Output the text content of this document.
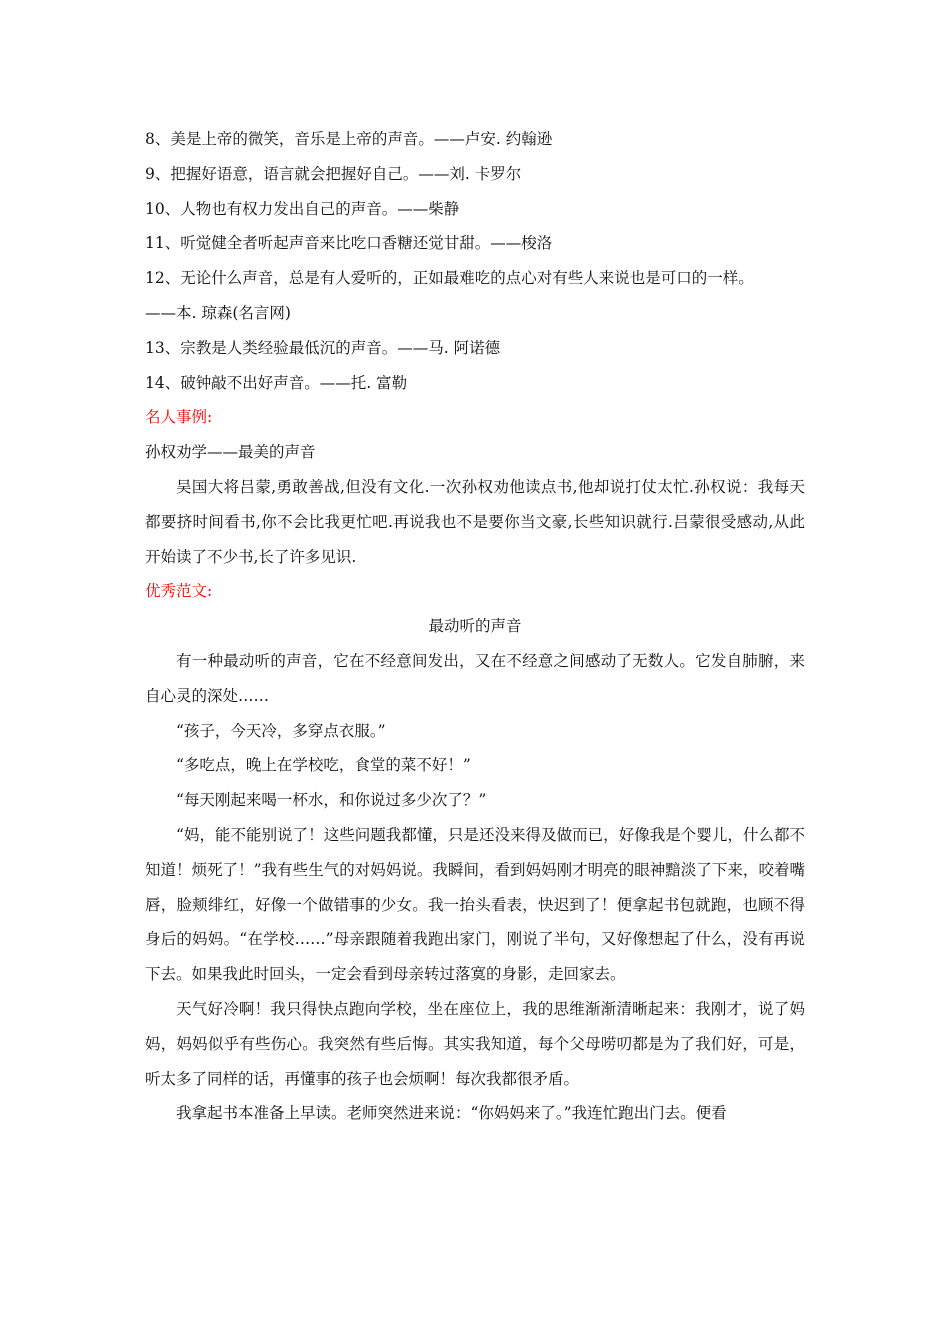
8、美是上帝的微笑，音乐是上帝的声音。——卢安. 约翰逊
9、把握好语意，语言就会把握好自己。——刘. 卡罗尔
10、人物也有权力发出自己的声音。——柴静
11、听觉健全者听起声音来比吃口香糖还觉甘甜。——梭洛
12、无论什么声音，总是有人爱听的，正如最难吃的点心对有些人来说也是可口的一样。
——本. 琼森(名言网)
13、宗教是人类经验最低沉的声音。——马. 阿诺德
14、破钟敲不出好声音。——托. 富勒
名人事例:
孙权劝学——最美的声音

吴国大将吕蒙,勇敢善战,但没有文化.一次孙权劝他读点书,他却说打仗太忙.孙权说：我每天都要挤时间看书,你不会比我更忙吧.再说我也不是要你当文豪,长些知识就行.吕蒙很受感动,从此开始读了不少书,长了许多见识.

优秀范文:
最动听的声音

有一种最动听的声音，它在不经意间发出，又在不经意之间感动了无数人。它发自肺腑，来自心灵的深处……

“孩子，今天冷，多穿点衣服。”

“多吃点，晚上在学校吃，食堂的菜不好！”

“每天刚起来喝一杯水，和你说过多少次了？”

“妈，能不能别说了！这些问题我都懂，只是还没来得及做而已，好像我是个婴儿，什么都不知道！烦死了！”我有些生气的对妈妈说。我瞬间，看到妈妈刚才明亮的眼神黯淡了下来，咬着嘴唇，脸颊绯红，好像一个做错事的少女。我一抬头看表，快迟到了！便拿起书包就跑，也顾不得身后的妈妈。“在学校……”母亲跟随着我跑出家门，刚说了半句，又好像想起了什么，没有再说下去。如果我此时回头，一定会看到母亲转过落寞的身影，走回家去。

天气好冷啊！我只得快点跑向学校，坐在座位上，我的思维渐渐清晰起来：我刚才，说了妈妈，妈妈似乎有些伤心。我突然有些后悔。其实我知道，每个父母唠叨都是为了我们好，可是，听太多了同样的话，再懂事的孩子也会烦啊！每次我都很矛盾。

我拿起书本准备上早读。老师突然进来说：“你妈妈来了。”我连忙跑出门去。便看
